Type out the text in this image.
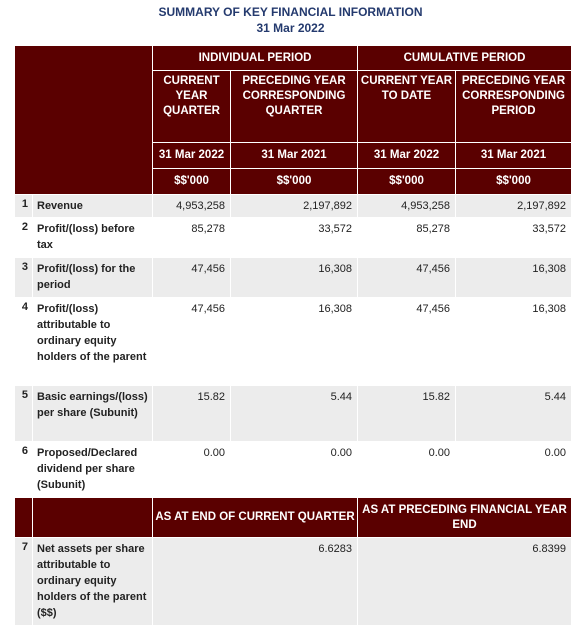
SUMMARY OF KEY FINANCIAL INFORMATION
31 Mar 2022
		INDIVIDUAL PERIOD		CUMULATIVE PERIOD	
		CURRENT YEAR QUARTER	PRECEDING YEAR CORRESPONDING QUARTER	CURRENT YEAR TO DATE	PRECEDING YEAR CORRESPONDING PERIOD
		31 Mar 2022	31 Mar 2021	31 Mar 2022	31 Mar 2021
		$$'000	$$'000	$$'000	$$'000
1	Revenue	4,953,258	2,197,892	4,953,258	2,197,892
2	Profit/(loss) before tax	85,278	33,572	85,278	33,572
3	Profit/(loss) for the period	47,456	16,308	47,456	16,308
4	Profit/(loss) attributable to ordinary equity holders of the parent	47,456	16,308	47,456	16,308
5	Basic earnings/(loss) per share (Subunit)	15.82	5.44	15.82	5.44
6	Proposed/Declared dividend per share (Subunit)	0.00	0.00	0.00	0.00
		AS AT END OF CURRENT QUARTER		AS AT PRECEDING FINANCIAL YEAR END	
7	Net assets per share attributable to ordinary equity holders of the parent ($$)	6.6283		6.8399	
